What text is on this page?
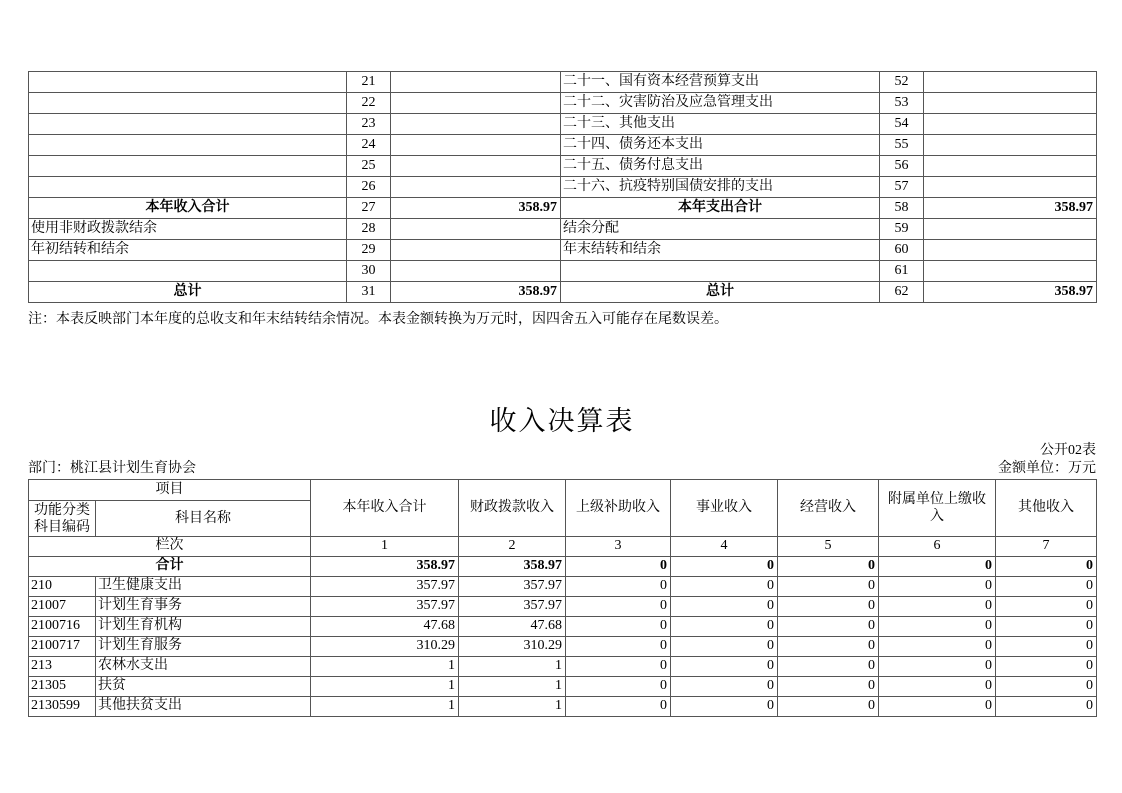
	21		二十一、国有资本经营预算支出	52	
	22		二十二、灾害防治及应急管理支出	53	
	23		二十三、其他支出	54	
	24		二十四、债务还本支出	55	
	25		二十五、债务付息支出	56	
	26		二十六、抗疫特别国债安排的支出	57	
本年收入合计	27	358.97	本年支出合计	58	358.97
使用非财政拨款结余	28		结余分配	59	
年初结转和结余	29		年末结转和结余	60	
	30			61	
总计	31	358.97	总计	62	358.97
注：本表反映部门本年度的总收支和年末结转结余情况。本表金额转换为万元时，因四舍五入可能存在尾数误差。
收入决算表
公开02表
部门：桃江县计划生育协会	金额单位：万元
项目		本年收入合计	财政拨款收入	上级补助收入	事业收入	经营收入	附属单位上缴收入	其他收入
功能分类科目编码	科目名称							
栏次		1	2	3	4	5	6	7
合计		358.97	358.97	0	0	0	0	0
210	卫生健康支出	357.97	357.97	0	0	0	0	0
21007	计划生育事务	357.97	357.97	0	0	0	0	0
2100716	计划生育机构	47.68	47.68	0	0	0	0	0
2100717	计划生育服务	310.29	310.29	0	0	0	0	0
213	农林水支出	1	1	0	0	0	0	0
21305	扶贫	1	1	0	0	0	0	0
2130599	其他扶贫支出	1	1	0	0	0	0	0
